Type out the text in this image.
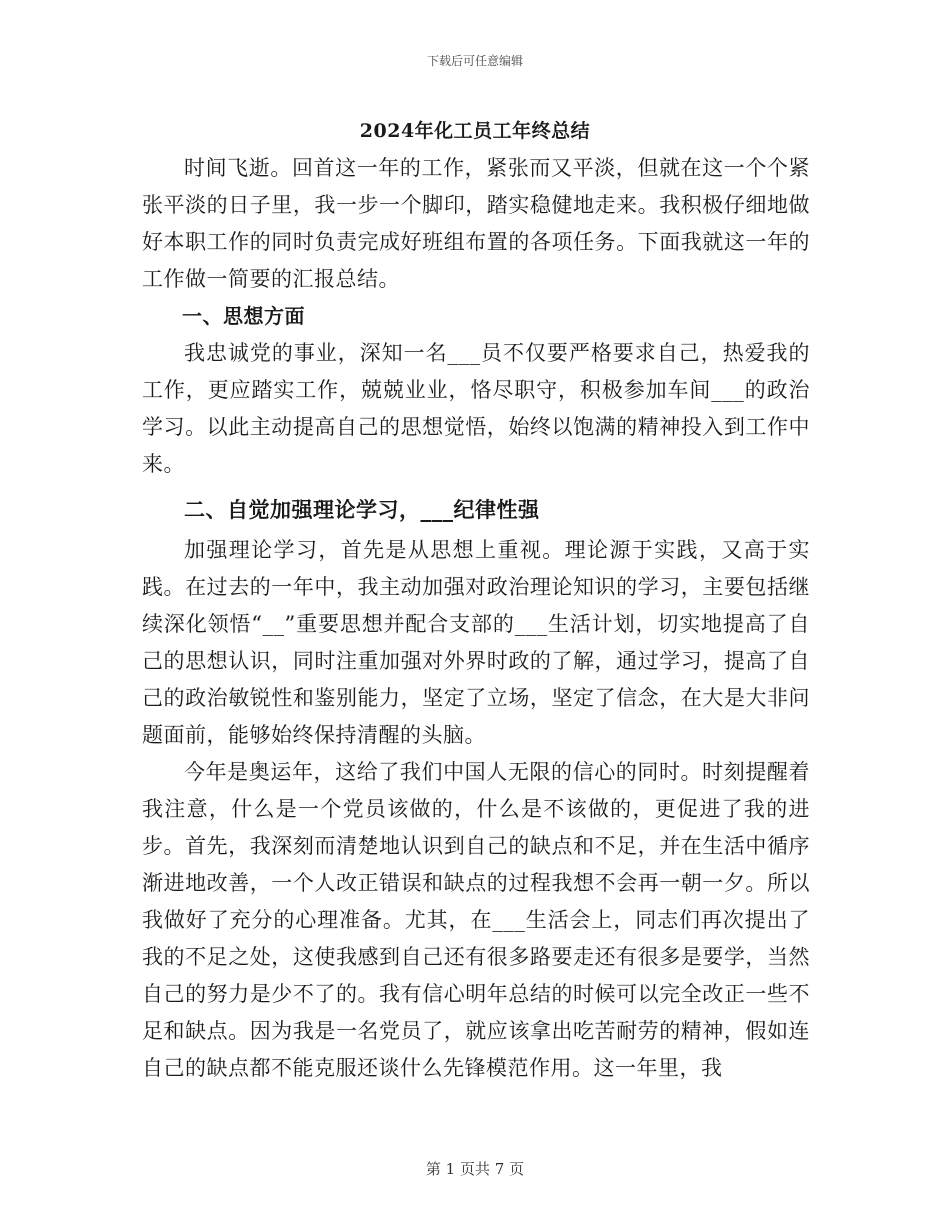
下载后可任意编辑
2024年化工员工年终总结

时间飞逝。回首这一年的工作，紧张而又平淡，但就在这一个个紧张平淡的日子里，我一步一个脚印，踏实稳健地走来。我积极仔细地做好本职工作的同时负责完成好班组布置的各项任务。下面我就这一年的工作做一简要的汇报总结。

一、思想方面

我忠诚党的事业，深知一名___员不仅要严格要求自己，热爱我的工作，更应踏实工作，兢兢业业，恪尽职守，积极参加车间___的政治学习。以此主动提高自己的思想觉悟，始终以饱满的精神投入到工作中来。

二、自觉加强理论学习，___纪律性强

加强理论学习，首先是从思想上重视。理论源于实践，又高于实践。在过去的一年中，我主动加强对政治理论知识的学习，主要包括继续深化领悟“__”重要思想并配合支部的___生活计划，切实地提高了自己的思想认识，同时注重加强对外界时政的了解，通过学习，提高了自己的政治敏锐性和鉴别能力，坚定了立场，坚定了信念，在大是大非问题面前，能够始终保持清醒的头脑。

今年是奥运年，这给了我们中国人无限的信心的同时。时刻提醒着我注意，什么是一个党员该做的，什么是不该做的，更促进了我的进步。首先，我深刻而清楚地认识到自己的缺点和不足，并在生活中循序渐进地改善，一个人改正错误和缺点的过程我想不会再一朝一夕。所以我做好了充分的心理准备。尤其，在___生活会上，同志们再次提出了我的不足之处，这使我感到自己还有很多路要走还有很多是要学，当然自己的努力是少不了的。我有信心明年总结的时候可以完全改正一些不足和缺点。因为我是一名党员了，就应该拿出吃苦耐劳的精神，假如连自己的缺点都不能克服还谈什么先锋模范作用。这一年里，我

第 1 页共 7 页
